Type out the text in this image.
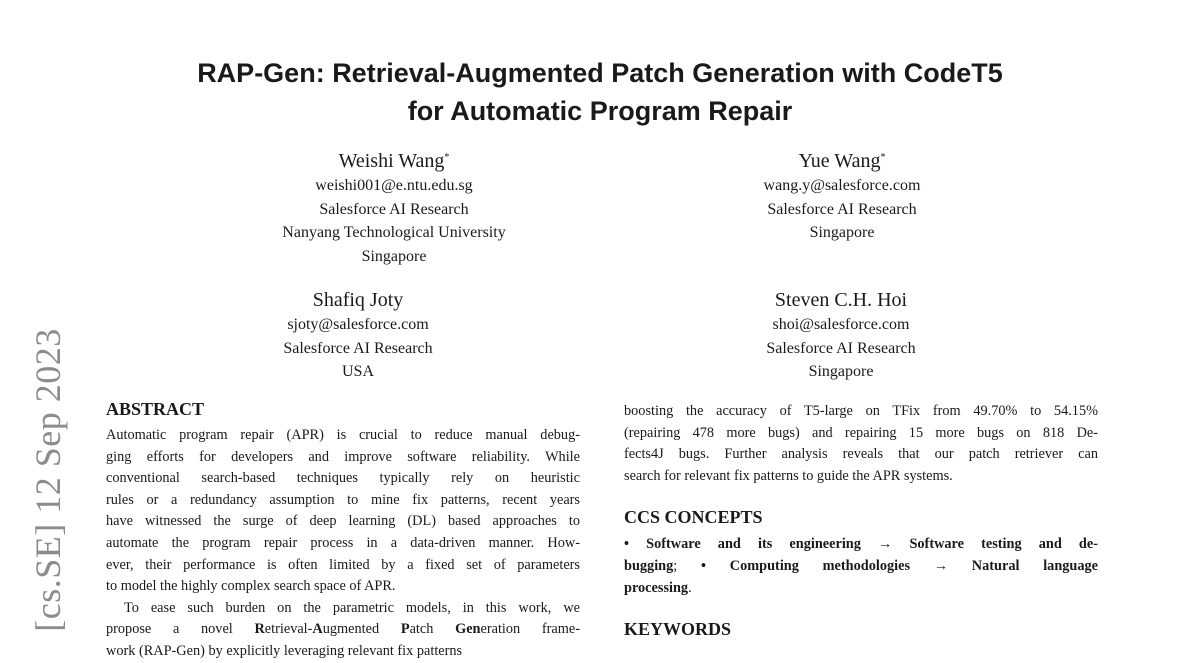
RAP-Gen: Retrieval-Augmented Patch Generation with CodeT5
for Automatic Program Repair
Weishi Wang*
weishi001@e.ntu.edu.sg
Salesforce AI Research
Nanyang Technological University
Singapore
Yue Wang*
wang.y@salesforce.com
Salesforce AI Research
Singapore
Shafiq Joty
sjoty@salesforce.com
Salesforce AI Research
USA
Steven C.H. Hoi
shoi@salesforce.com
Salesforce AI Research
Singapore
[cs.SE] 12 Sep 2023 ABSTRACT
Automatic program repair (APR) is crucial to reduce manual debug-
ging efforts for developers and improve software reliability. While
conventional search-based techniques typically rely on heuristic
rules or a redundancy assumption to mine fix patterns, recent years
have witnessed the surge of deep learning (DL) based approaches to
automate the program repair process in a data-driven manner. How-
ever, their performance is often limited by a fixed set of parameters
to model the highly complex search space of APR.
To ease such burden on the parametric models, in this work, we
propose a novel Retrieval-Augmented Patch Generation frame-
work (RAP-Gen) by explicitly leveraging relevant fix patterns
boosting the accuracy of T5-large on TFix from 49.70% to 54.15%
(repairing 478 more bugs) and repairing 15 more bugs on 818 De-
fects4J bugs. Further analysis reveals that our patch retriever can
search for relevant fix patterns to guide the APR systems.
CCS CONCEPTS
• Software and its engineering → Software testing and de-
bugging; • Computing methodologies → Natural language
processing.
KEYWORDS
